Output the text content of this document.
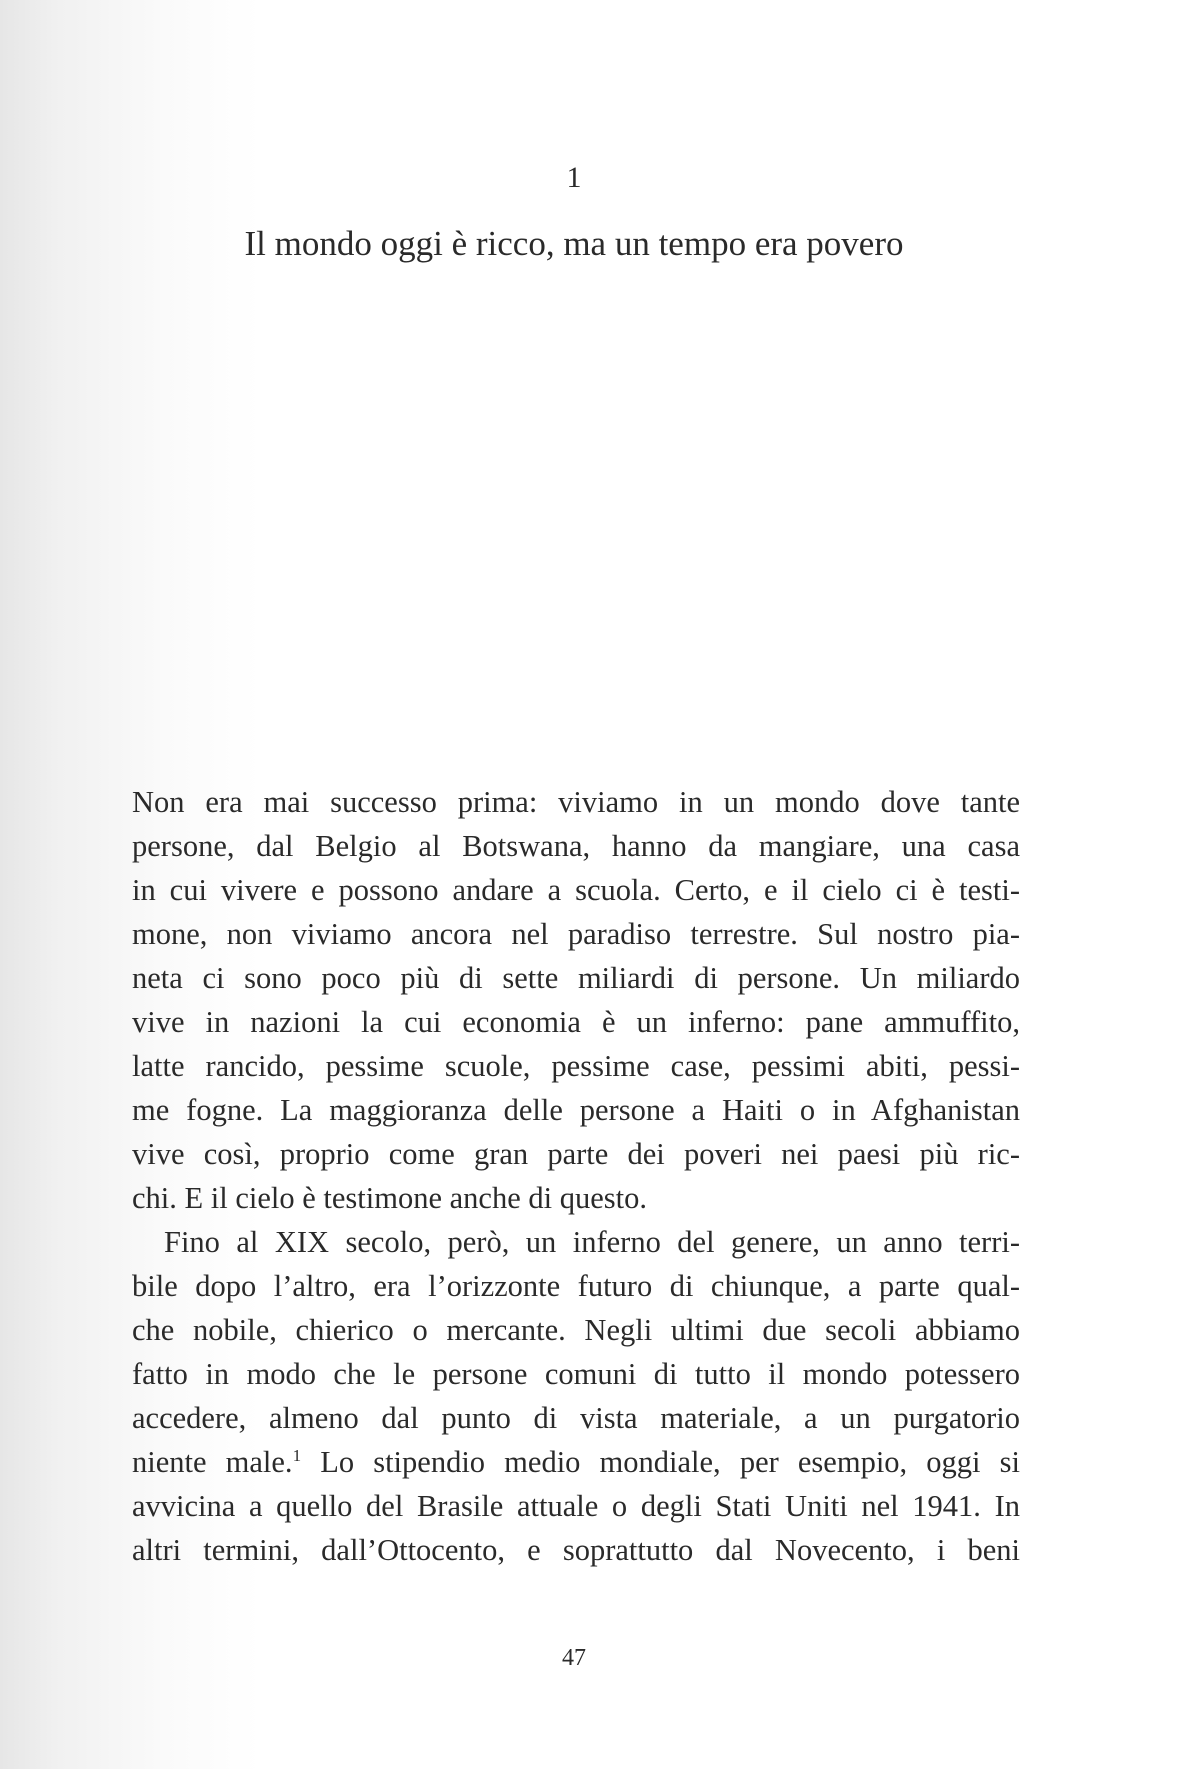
1
Il mondo oggi è ricco, ma un tempo era povero
Non era mai successo prima: viviamo in un mondo dove tante
persone, dal Belgio al Botswana, hanno da mangiare, una casa
in cui vivere e possono andare a scuola. Certo, e il cielo ci è testi-
mone, non viviamo ancora nel paradiso terrestre. Sul nostro pia-
neta ci sono poco più di sette miliardi di persone. Un miliardo
vive in nazioni la cui economia è un inferno: pane ammuffito,
latte rancido, pessime scuole, pessime case, pessimi abiti, pessi-
me fogne. La maggioranza delle persone a Haiti o in Afghanistan
vive così, proprio come gran parte dei poveri nei paesi più ric-
chi. E il cielo è testimone anche di questo.
Fino al XIX secolo, però, un inferno del genere, un anno terri-
bile dopo l’altro, era l’orizzonte futuro di chiunque, a parte qual-
che nobile, chierico o mercante. Negli ultimi due secoli abbiamo
fatto in modo che le persone comuni di tutto il mondo potessero
accedere, almeno dal punto di vista materiale, a un purgatorio
niente male.$^1$ Lo stipendio medio mondiale, per esempio, oggi si
avvicina a quello del Brasile attuale o degli Stati Uniti nel 1941. In
altri termini, dall’Ottocento, e soprattutto dal Novecento, i beni
47
